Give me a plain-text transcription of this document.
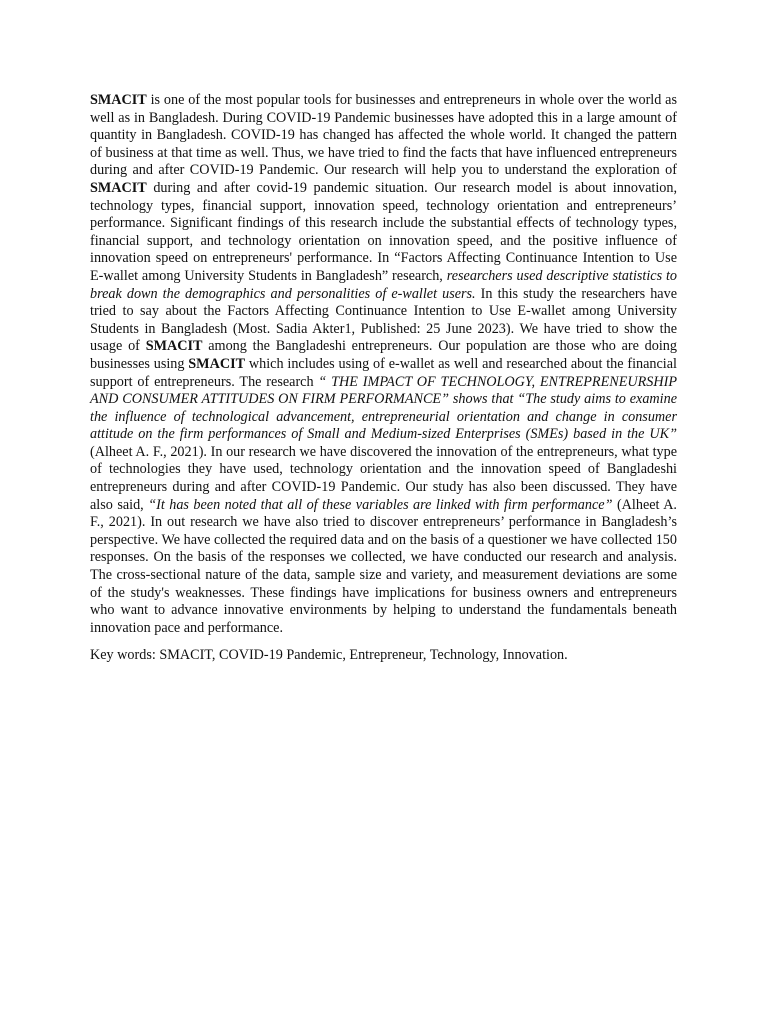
SMACIT is one of the most popular tools for businesses and entrepreneurs in whole over the world as well as in Bangladesh. During COVID-19 Pandemic businesses have adopted this in a large amount of quantity in Bangladesh. COVID-19 has changed has affected the whole world. It changed the pattern of business at that time as well. Thus, we have tried to find the facts that have influenced entrepreneurs during and after COVID-19 Pandemic. Our research will help you to understand the exploration of SMACIT during and after covid-19 pandemic situation. Our research model is about innovation, technology types, financial support, innovation speed, technology orientation and entrepreneurs’ performance. Significant findings of this research include the substantial effects of technology types, financial support, and technology orientation on innovation speed, and the positive influence of innovation speed on entrepreneurs' performance. In “Factors Affecting Continuance Intention to Use E-wallet among University Students in Bangladesh” research, researchers used descriptive statistics to break down the demographics and personalities of e-wallet users. In this study the researchers have tried to say about the Factors Affecting Continuance Intention to Use E-wallet among University Students in Bangladesh (Most. Sadia Akter1, Published: 25 June 2023). We have tried to show the usage of SMACIT among the Bangladeshi entrepreneurs. Our population are those who are doing businesses using SMACIT which includes using of e-wallet as well and researched about the financial support of entrepreneurs. The research “ THE IMPACT OF TECHNOLOGY, ENTREPRENEURSHIP AND CONSUMER ATTITUDES ON FIRM PERFORMANCE” shows that “The study aims to examine the influence of technological advancement, entrepreneurial orientation and change in consumer attitude on the firm performances of Small and Medium-sized Enterprises (SMEs) based in the UK” (Alheet A. F., 2021). In our research we have discovered the innovation of the entrepreneurs, what type of technologies they have used, technology orientation and the innovation speed of Bangladeshi entrepreneurs during and after COVID-19 Pandemic. Our study has also been discussed. They have also said, “It has been noted that all of these variables are linked with firm performance” (Alheet A. F., 2021). In out research we have also tried to discover entrepreneurs’ performance in Bangladesh’s perspective. We have collected the required data and on the basis of a questioner we have collected 150 responses. On the basis of the responses we collected, we have conducted our research and analysis. The cross-sectional nature of the data, sample size and variety, and measurement deviations are some of the study's weaknesses. These findings have implications for business owners and entrepreneurs who want to advance innovative environments by helping to understand the fundamentals beneath innovation pace and performance.

Key words: SMACIT, COVID-19 Pandemic, Entrepreneur, Technology, Innovation.
